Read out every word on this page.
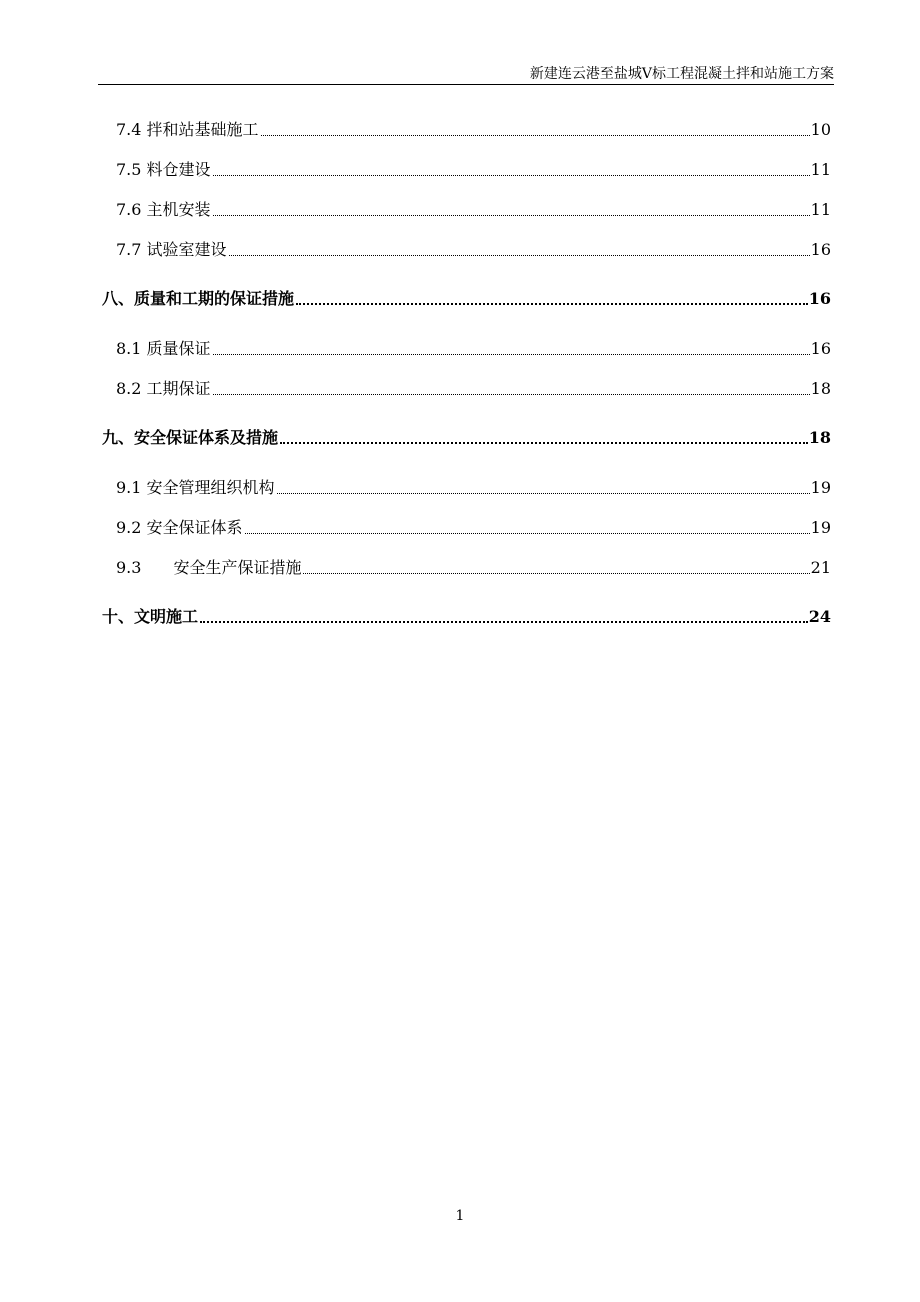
新建连云港至盐城Ⅴ标工程混凝土拌和站施工方案
7.4 拌和站基础施工	10
7.5 料仓建设	11
7.6 主机安装	11
7.7 试验室建设	16
八、质量和工期的保证措施	16
8.1 质量保证	16
8.2 工期保证	18
九、安全保证体系及措施	18
9.1 安全管理组织机构	19
9.2 安全保证体系	19
9.3　　安全生产保证措施	21
十、文明施工	24
1
